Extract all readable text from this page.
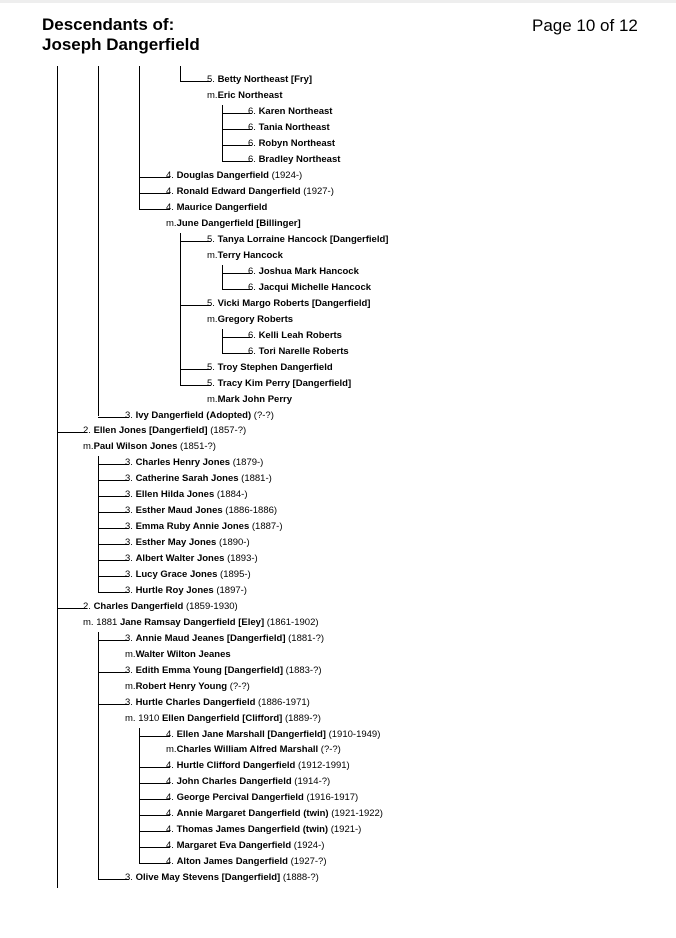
Descendants of:
Joseph Dangerfield
Page 10 of 12
5. Betty Northeast [Fry]
m.Eric Northeast
6. Karen Northeast
6. Tania Northeast
6. Robyn Northeast
6. Bradley Northeast
4. Douglas Dangerfield (1924-)
4. Ronald Edward Dangerfield (1927-)
4. Maurice Dangerfield
m.June Dangerfield [Billinger]
5. Tanya Lorraine Hancock [Dangerfield]
m.Terry Hancock
6. Joshua Mark Hancock
6. Jacqui Michelle Hancock
5. Vicki Margo Roberts [Dangerfield]
m.Gregory Roberts
6. Kelli Leah Roberts
6. Tori Narelle Roberts
5. Troy Stephen Dangerfield
5. Tracy Kim Perry [Dangerfield]
m.Mark John Perry
3. Ivy Dangerfield (Adopted) (?-?)
2. Ellen Jones [Dangerfield] (1857-?)
m.Paul Wilson Jones (1851-?)
3. Charles Henry Jones (1879-)
3. Catherine Sarah Jones (1881-)
3. Ellen Hilda Jones (1884-)
3. Esther Maud Jones (1886-1886)
3. Emma Ruby Annie Jones (1887-)
3. Esther May Jones (1890-)
3. Albert Walter Jones (1893-)
3. Lucy Grace Jones (1895-)
3. Hurtle Roy Jones (1897-)
2. Charles Dangerfield (1859-1930)
m. 1881 Jane Ramsay Dangerfield [Eley] (1861-1902)
3. Annie Maud Jeanes [Dangerfield] (1881-?)
m.Walter Wilton Jeanes
3. Edith Emma Young [Dangerfield] (1883-?)
m.Robert Henry Young (?-?)
3. Hurtle Charles Dangerfield (1886-1971)
m. 1910 Ellen Dangerfield [Clifford] (1889-?)
4. Ellen Jane Marshall [Dangerfield] (1910-1949)
m.Charles William Alfred Marshall (?-?)
4. Hurtle Clifford Dangerfield (1912-1991)
4. John Charles Dangerfield (1914-?)
4. George Percival Dangerfield (1916-1917)
4. Annie Margaret Dangerfield (twin) (1921-1922)
4. Thomas James Dangerfield (twin) (1921-)
4. Margaret Eva Dangerfield (1924-)
4. Alton James Dangerfield (1927-?)
3. Olive May Stevens [Dangerfield] (1888-?)
